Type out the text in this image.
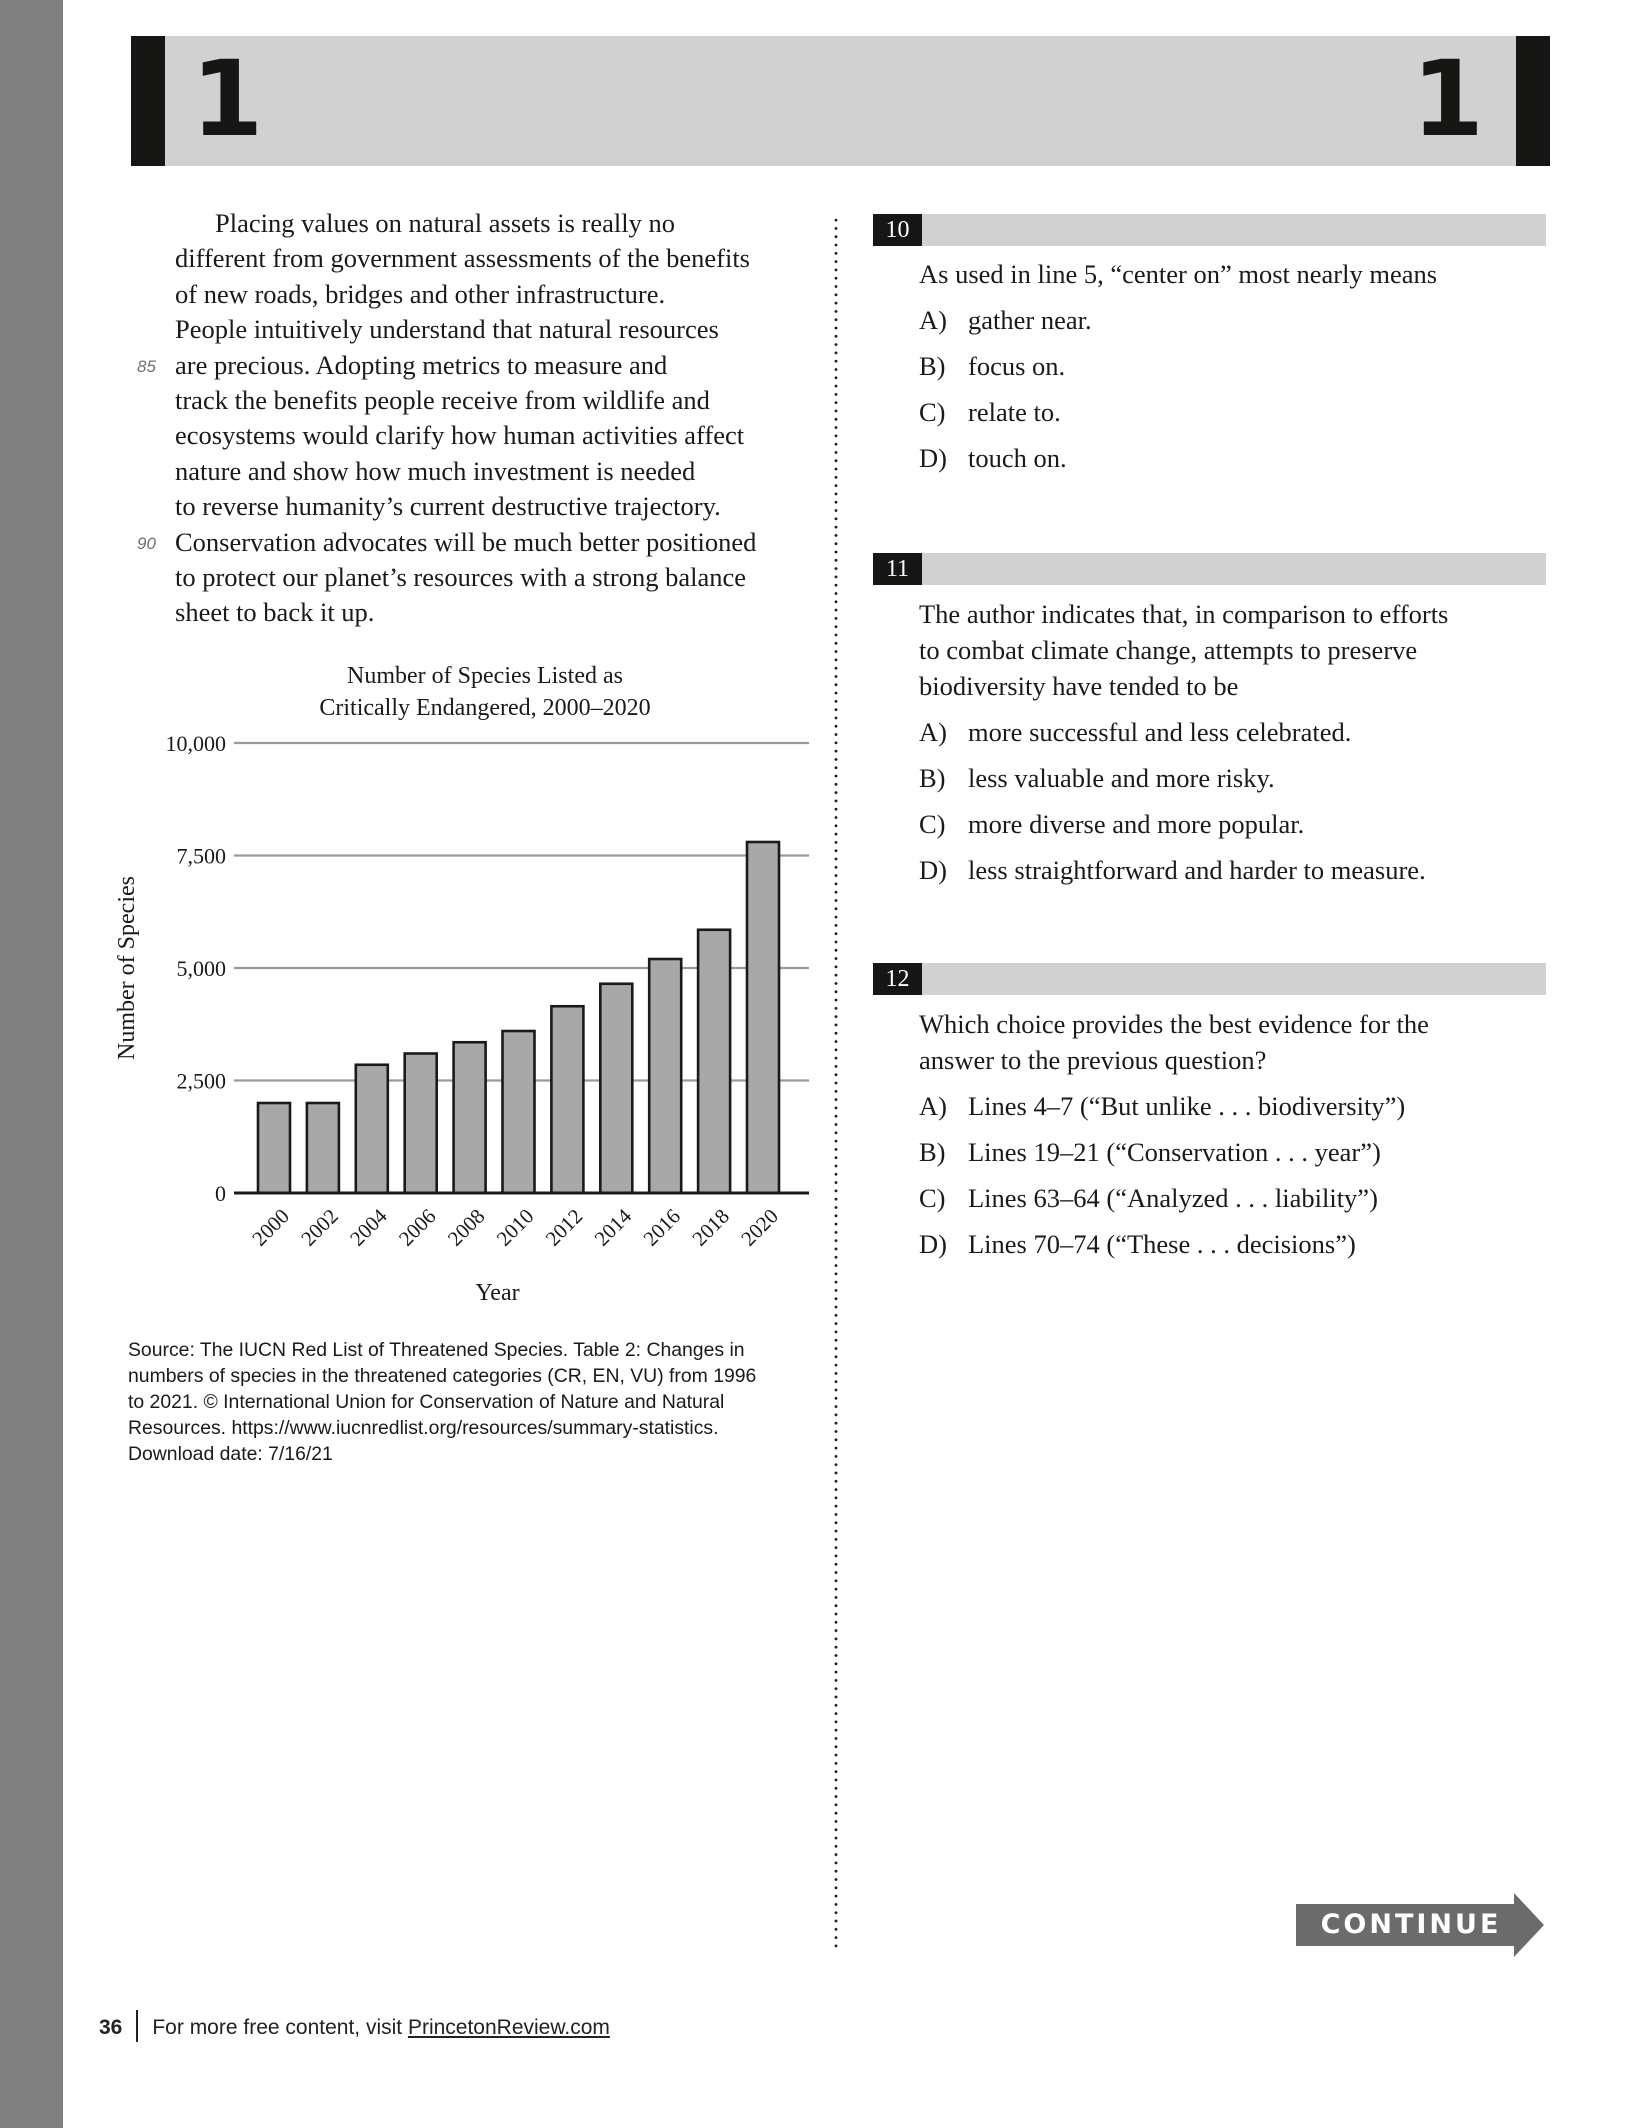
1	1
Placing values on natural assets is really no
different from government assessments of the benefits
of new roads, bridges and other infrastructure.
People intuitively understand that natural resources
85 are precious. Adopting metrics to measure and
track the benefits people receive from wildlife and
ecosystems would clarify how human activities affect
nature and show how much investment is needed
to reverse humanity’s current destructive trajectory.
90 Conservation advocates will be much better positioned
to protect our planet’s resources with a strong balance
sheet to back it up.
Number of Species Listed as
Critically Endangered, 2000–2020
0
2,500
5,000
7,500
10,000
2000 2002 2004 2006 2008 2010 2012 2014 2016 2018 2020
Year
Number of Species
Source: The IUCN Red List of Threatened Species. Table 2: Changes in
numbers of species in the threatened categories (CR, EN, VU) from 1996
to 2021. © International Union for Conservation of Nature and Natural
Resources. https://www.iucnredlist.org/resources/summary-statistics.
Download date: 7/16/21
10
As used in line 5, “center on” most nearly means
A) gather near.
B) focus on.
C) relate to.
D) touch on.
11
The author indicates that, in comparison to efforts
to combat climate change, attempts to preserve
biodiversity have tended to be
A) more successful and less celebrated.
B) less valuable and more risky.
C) more diverse and more popular.
D) less straightforward and harder to measure.
12
Which choice provides the best evidence for the
answer to the previous question?
A) Lines 4–7 (“But unlike . . . biodiversity”)
B) Lines 19–21 (“Conservation . . . year”)
C) Lines 63–64 (“Analyzed . . . liability”)
D) Lines 70–74 (“These . . . decisions”)
CONTINUE
36 For more free content, visit PrincetonReview.com
